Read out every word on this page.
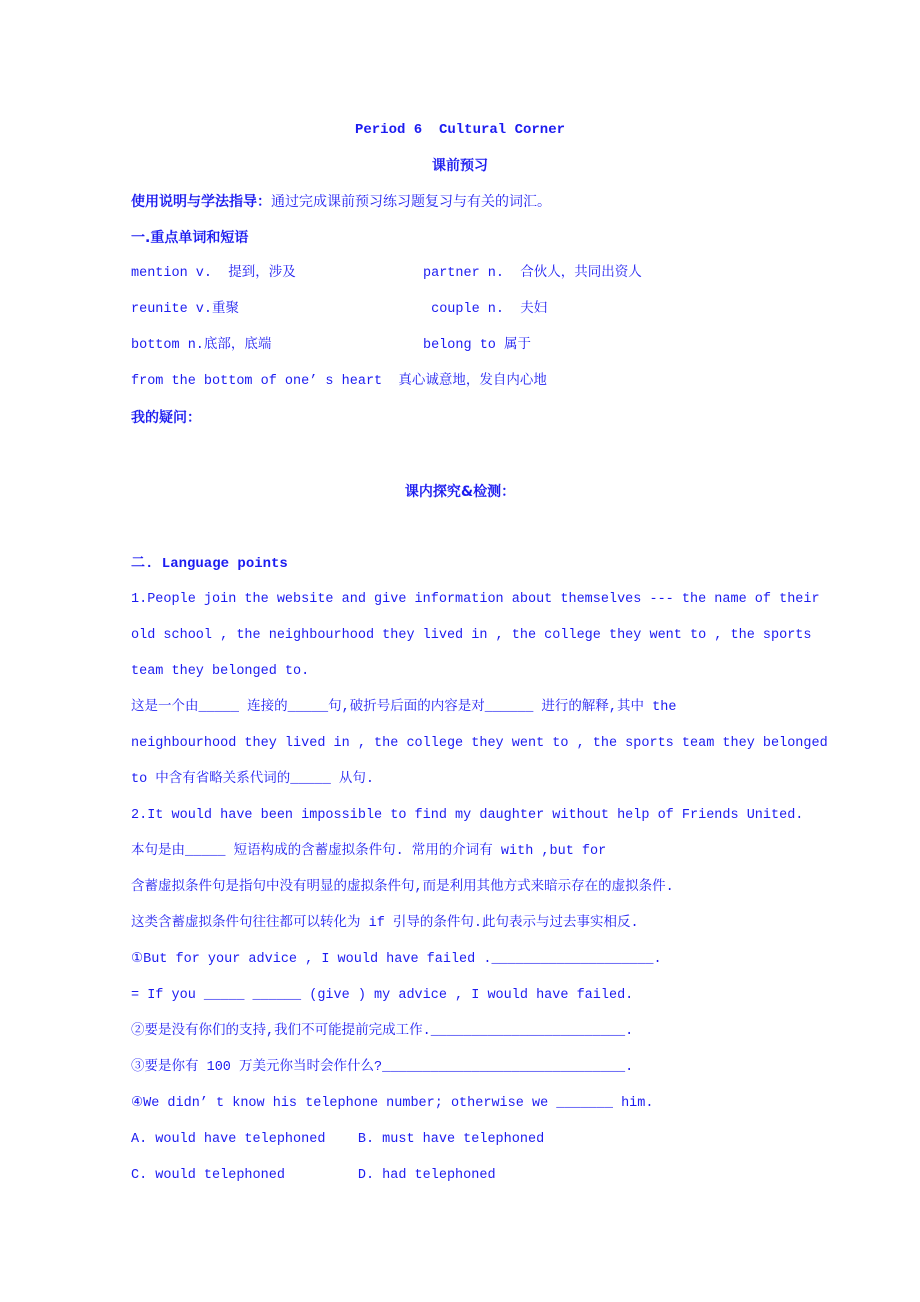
Period 6  Cultural Corner
课前预习
使用说明与学法指导：通过完成课前预习练习题复习与有关的词汇。
一.重点单词和短语
mention v.  提到，涉及	partner n.  合伙人，共同出资人
reunite v.重聚	couple n.  夫妇
bottom n.底部，底端	belong to 属于
from the bottom of one’ s heart  真心诚意地，发自内心地
我的疑问：
课内探究&检测：
二. Language points
1.People join the website and give information about themselves --- the name of their
old school , the neighbourhood they lived in , the college they went to , the sports
team they belonged to.
这是一个由_____ 连接的_____句,破折号后面的内容是对______ 进行的解释,其中 the
neighbourhood they lived in , the college they went to , the sports team they belonged
to 中含有省略关系代词的_____ 从句.
2.It would have been impossible to find my daughter without help of Friends United.
本句是由_____ 短语构成的含蓄虚拟条件句. 常用的介词有 with ,but for
含蓄虚拟条件句是指句中没有明显的虚拟条件句,而是利用其他方式来暗示存在的虚拟条件.
这类含蓄虚拟条件句往往都可以转化为 if 引导的条件句.此句表示与过去事实相反.
①But for your advice , I would have failed .____________________.
= If you _____ ______ (give ) my advice , I would have failed.
②要是没有你们的支持,我们不可能提前完成工作.________________________.
③要是你有 100 万美元你当时会作什么?______________________________.
④We didn’ t know his telephone number; otherwise we _______ him.
A. would have telephoned    B. must have telephoned
C. would telephoned         D. had telephoned
